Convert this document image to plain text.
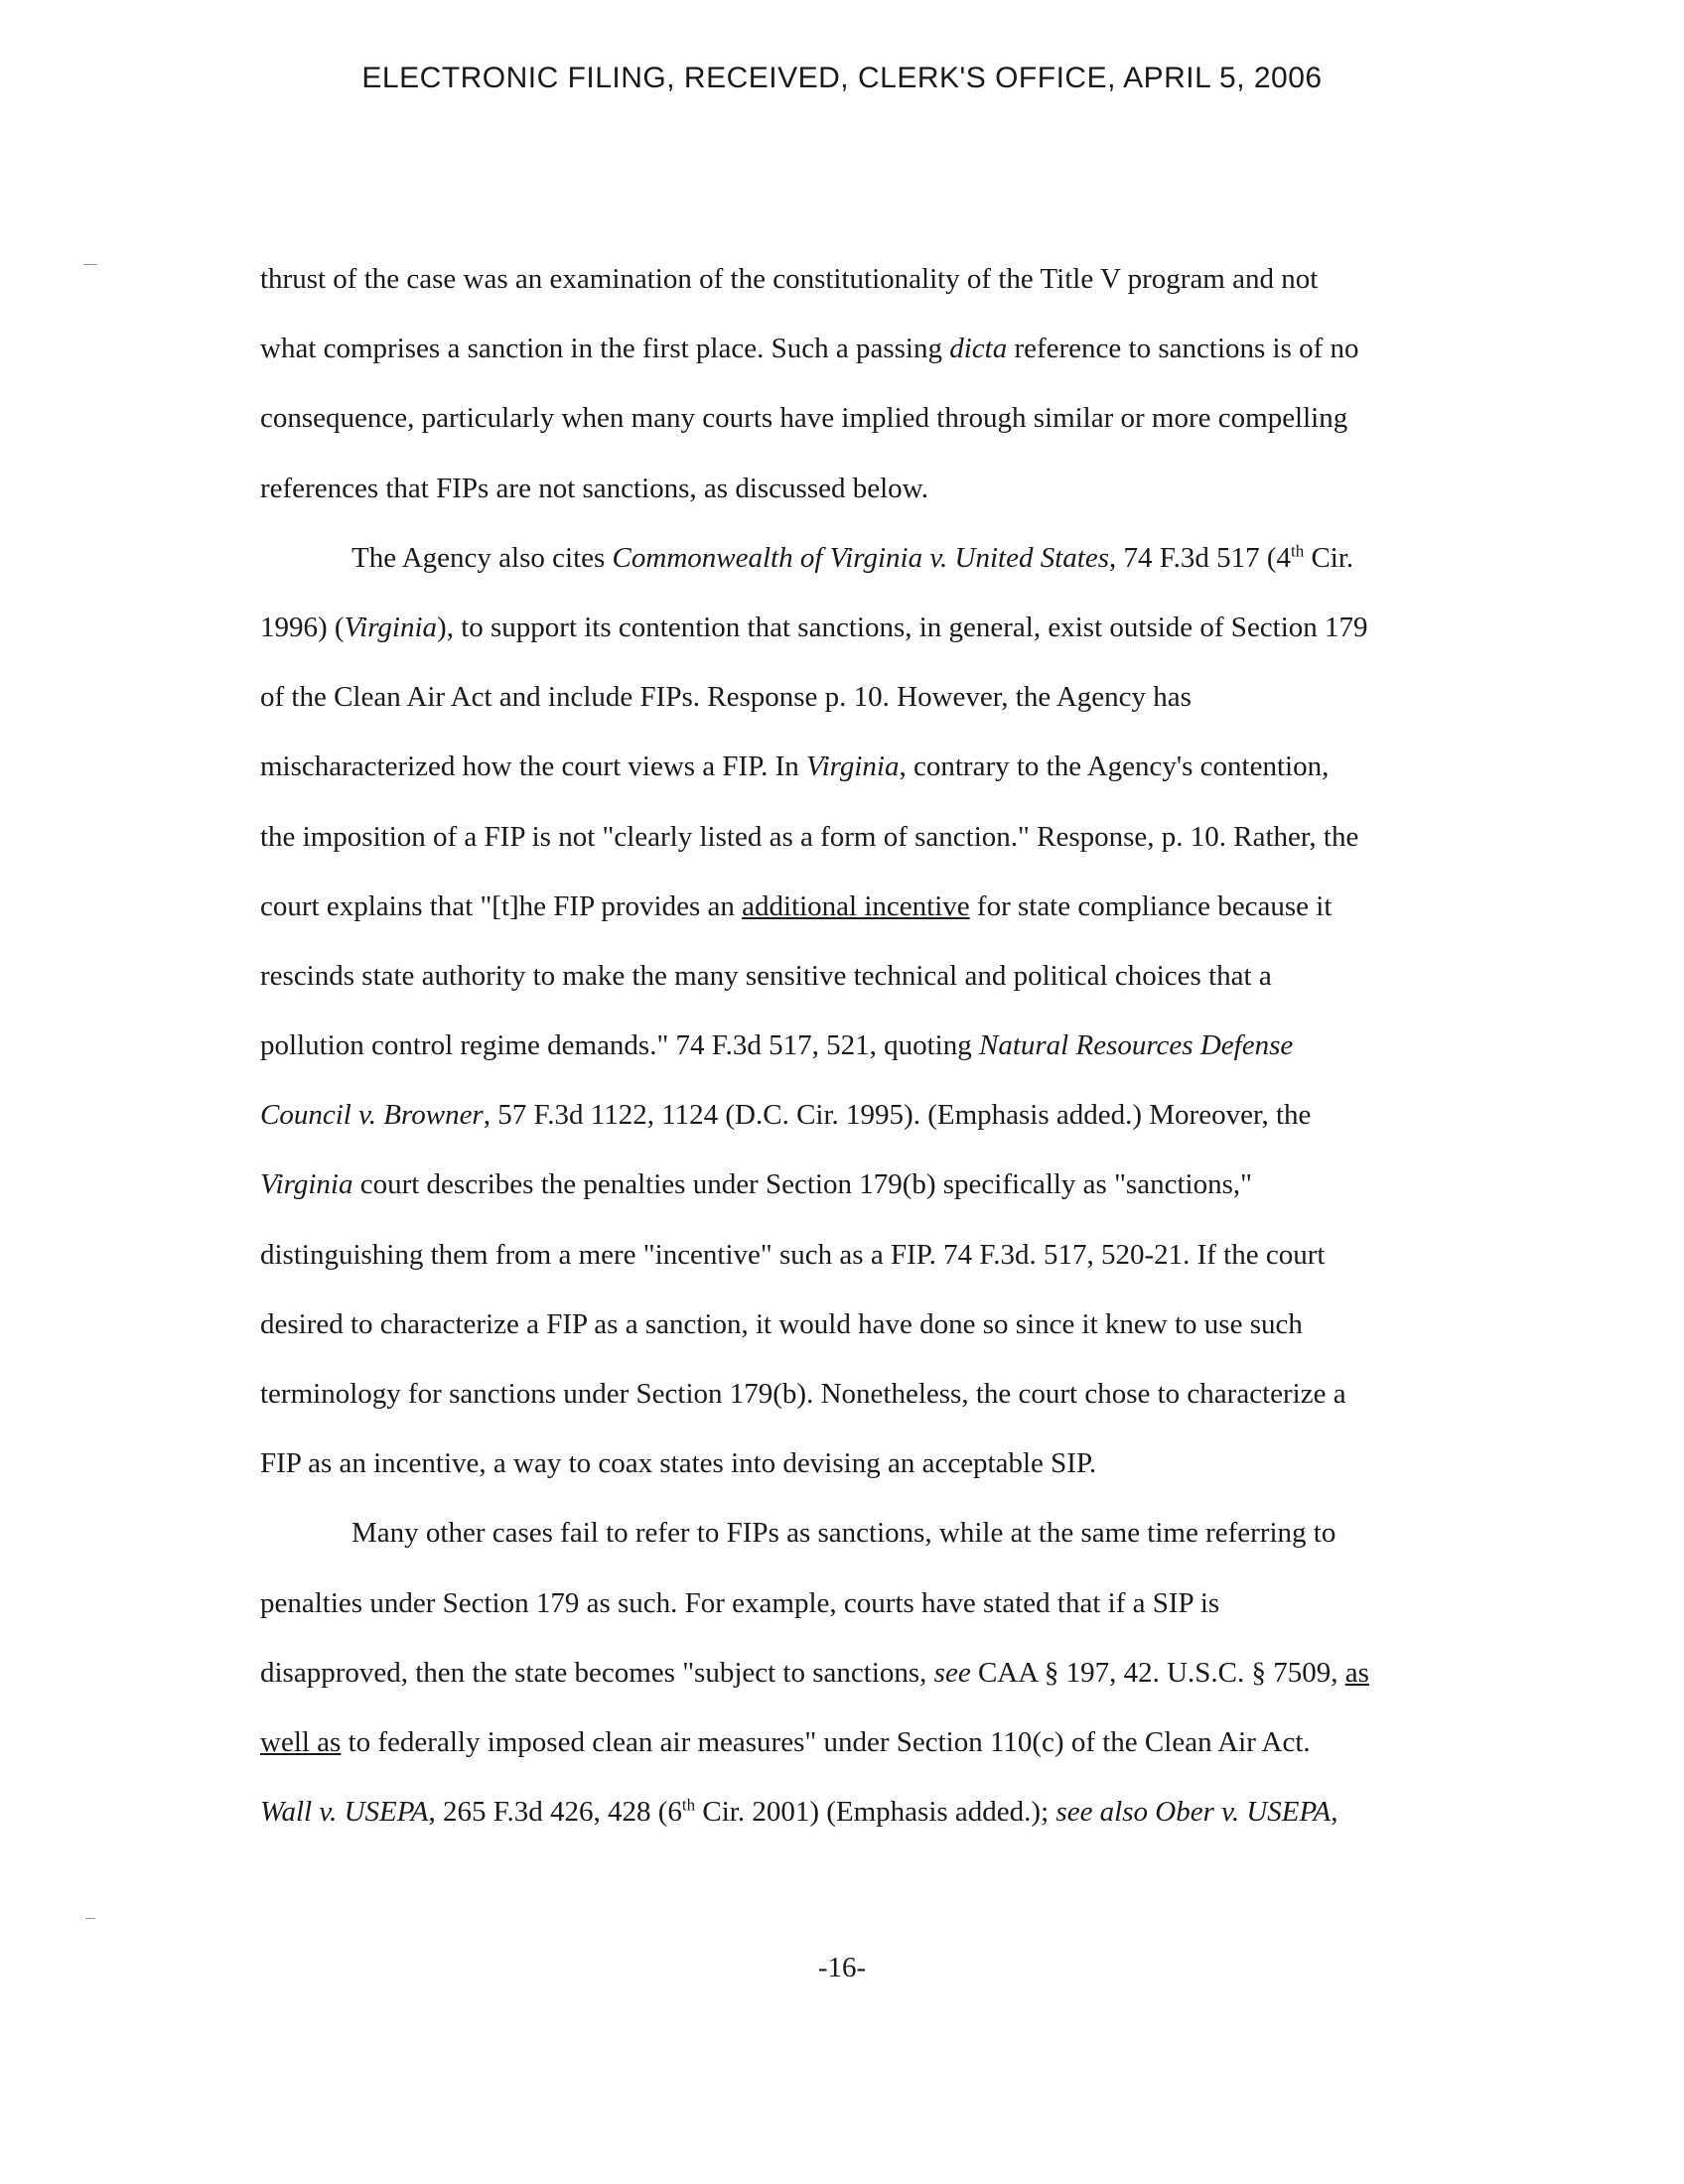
ELECTRONIC FILING, RECEIVED, CLERK'S OFFICE, APRIL 5, 2006
thrust of the case was an examination of the constitutionality of the Title V program and not
what comprises a sanction in the first place. Such a passing dicta reference to sanctions is of no
consequence, particularly when many courts have implied through similar or more compelling
references that FIPs are not sanctions, as discussed below.
The Agency also cites Commonwealth of Virginia v. United States, 74 F.3d 517 (4th Cir.
1996) (Virginia), to support its contention that sanctions, in general, exist outside of Section 179
of the Clean Air Act and include FIPs. Response p. 10. However, the Agency has
mischaracterized how the court views a FIP. In Virginia, contrary to the Agency's contention,
the imposition of a FIP is not "clearly listed as a form of sanction." Response, p. 10. Rather, the
court explains that "[t]he FIP provides an additional incentive for state compliance because it
rescinds state authority to make the many sensitive technical and political choices that a
pollution control regime demands." 74 F.3d 517, 521, quoting Natural Resources Defense
Council v. Browner, 57 F.3d 1122, 1124 (D.C. Cir. 1995). (Emphasis added.) Moreover, the
Virginia court describes the penalties under Section 179(b) specifically as "sanctions,"
distinguishing them from a mere "incentive" such as a FIP. 74 F.3d. 517, 520-21. If the court
desired to characterize a FIP as a sanction, it would have done so since it knew to use such
terminology for sanctions under Section 179(b). Nonetheless, the court chose to characterize a
FIP as an incentive, a way to coax states into devising an acceptable SIP.
Many other cases fail to refer to FIPs as sanctions, while at the same time referring to
penalties under Section 179 as such. For example, courts have stated that if a SIP is
disapproved, then the state becomes "subject to sanctions, see CAA § 197, 42. U.S.C. § 7509, as
well as to federally imposed clean air measures" under Section 110(c) of the Clean Air Act.
Wall v. USEPA, 265 F.3d 426, 428 (6th Cir. 2001) (Emphasis added.); see also Ober v. USEPA,
-16-
